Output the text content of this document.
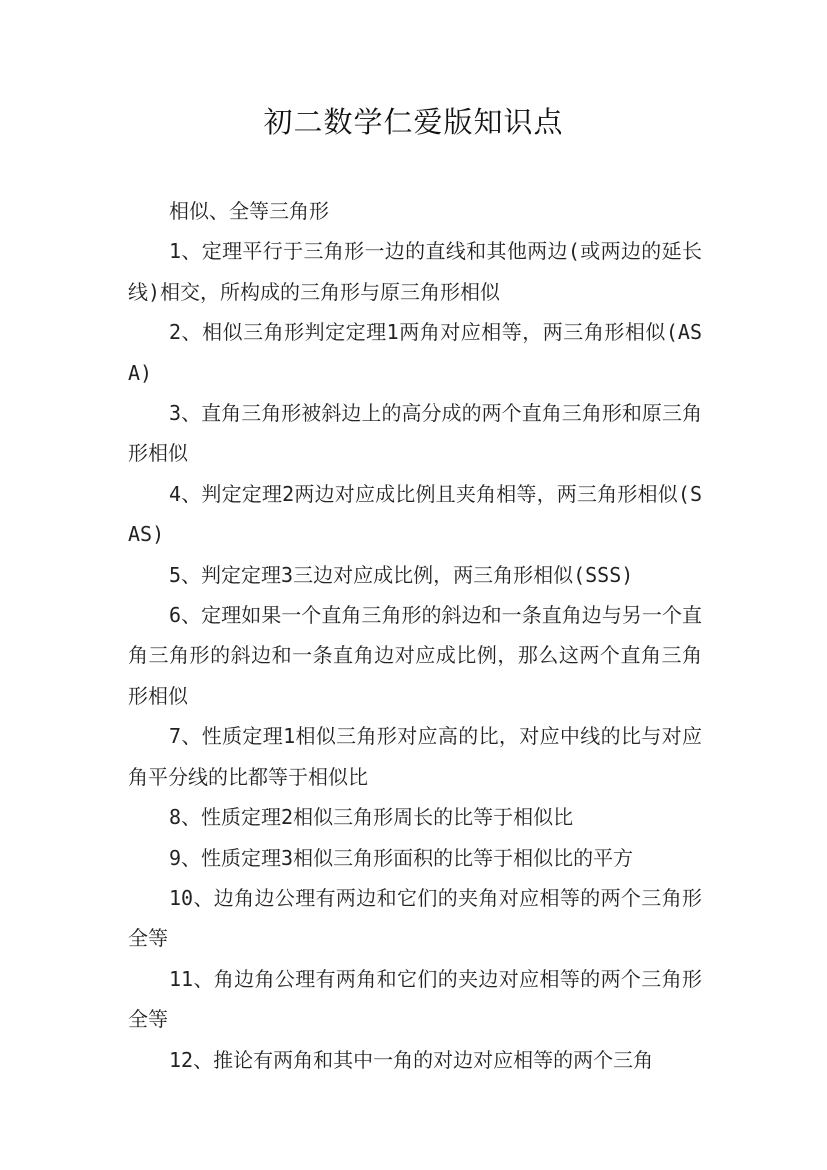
初二数学仁爱版知识点

相似、全等三角形

1、定理平行于三角形一边的直线和其他两边(或两边的延长线)相交，所构成的三角形与原三角形相似

2、相似三角形判定定理1两角对应相等，两三角形相似(ASA)

3、直角三角形被斜边上的高分成的两个直角三角形和原三角形相似

4、判定定理2两边对应成比例且夹角相等，两三角形相似(SAS)

5、判定定理3三边对应成比例，两三角形相似(SSS)

6、定理如果一个直角三角形的斜边和一条直角边与另一个直角三角形的斜边和一条直角边对应成比例，那么这两个直角三角形相似

7、性质定理1相似三角形对应高的比，对应中线的比与对应角平分线的比都等于相似比

8、性质定理2相似三角形周长的比等于相似比

9、性质定理3相似三角形面积的比等于相似比的平方

10、边角边公理有两边和它们的夹角对应相等的两个三角形全等

11、角边角公理有两角和它们的夹边对应相等的两个三角形全等

12、推论有两角和其中一角的对边对应相等的两个三角
